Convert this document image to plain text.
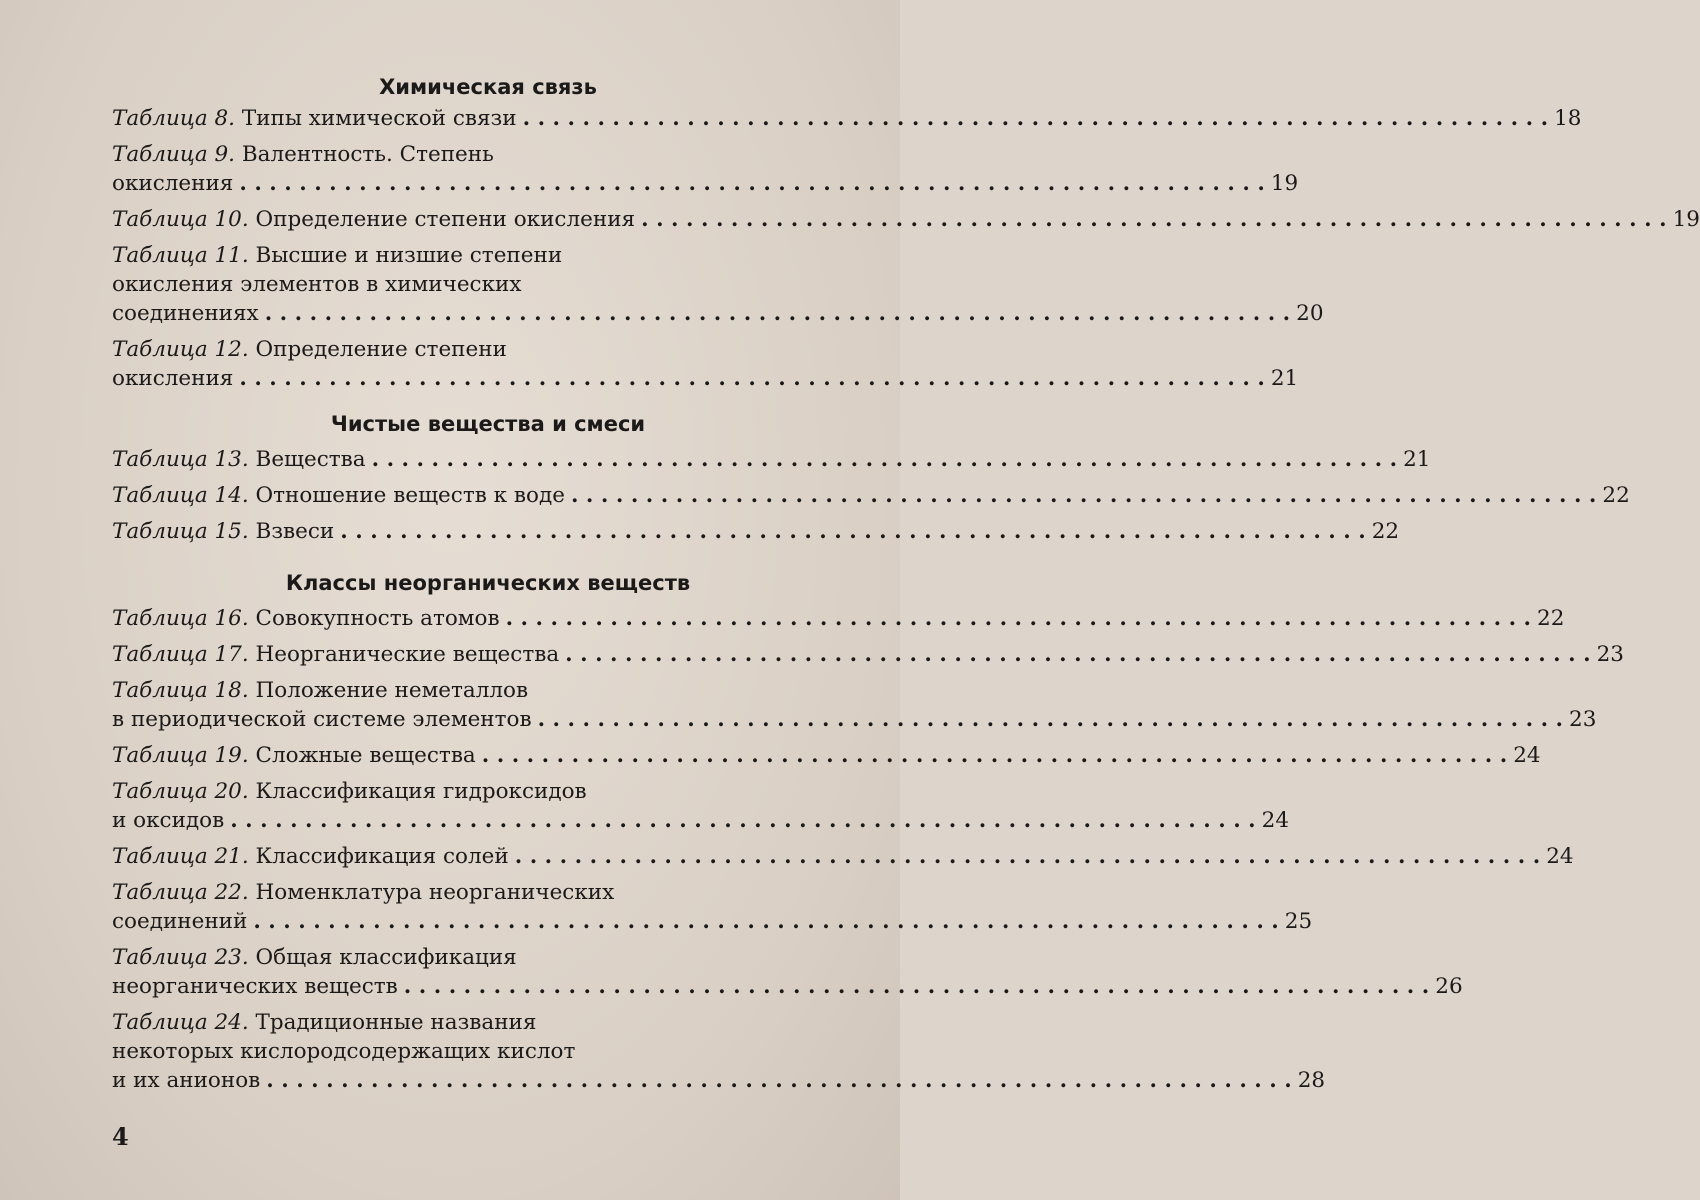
Химическая связь
Таблица 8. Типы химической связи . . .	18
Таблица 9. Валентность. Степень
окисления . . .	19
Таблица 10. Определение степени окисления . . .	19
Таблица 11. Высшие и низшие степени
окисления элементов в химических
соединениях . . .	20
Таблица 12. Определение степени
окисления . . .	21
Чистые вещества и смеси
Таблица 13. Вещества . . .	21
Таблица 14. Отношение веществ к воде . . .	22
Таблица 15. Взвеси . . .	22
Классы неорганических веществ
Таблица 16. Совокупность атомов . . .	22
Таблица 17. Неорганические вещества . . .	23
Таблица 18. Положение неметаллов
в периодической системе элементов . . .	23
Таблица 19. Сложные вещества . . .	24
Таблица 20. Классификация гидроксидов
и оксидов . . .	24
Таблица 21. Классификация солей . . .	24
Таблица 22. Номенклатура неорганических
соединений . . .	25
Таблица 23. Общая классификация
неорганических веществ . . .	26
Таблица 24. Традиционные названия
некоторых кислородсодержащих кислот
и их анионов . . .	28
4
